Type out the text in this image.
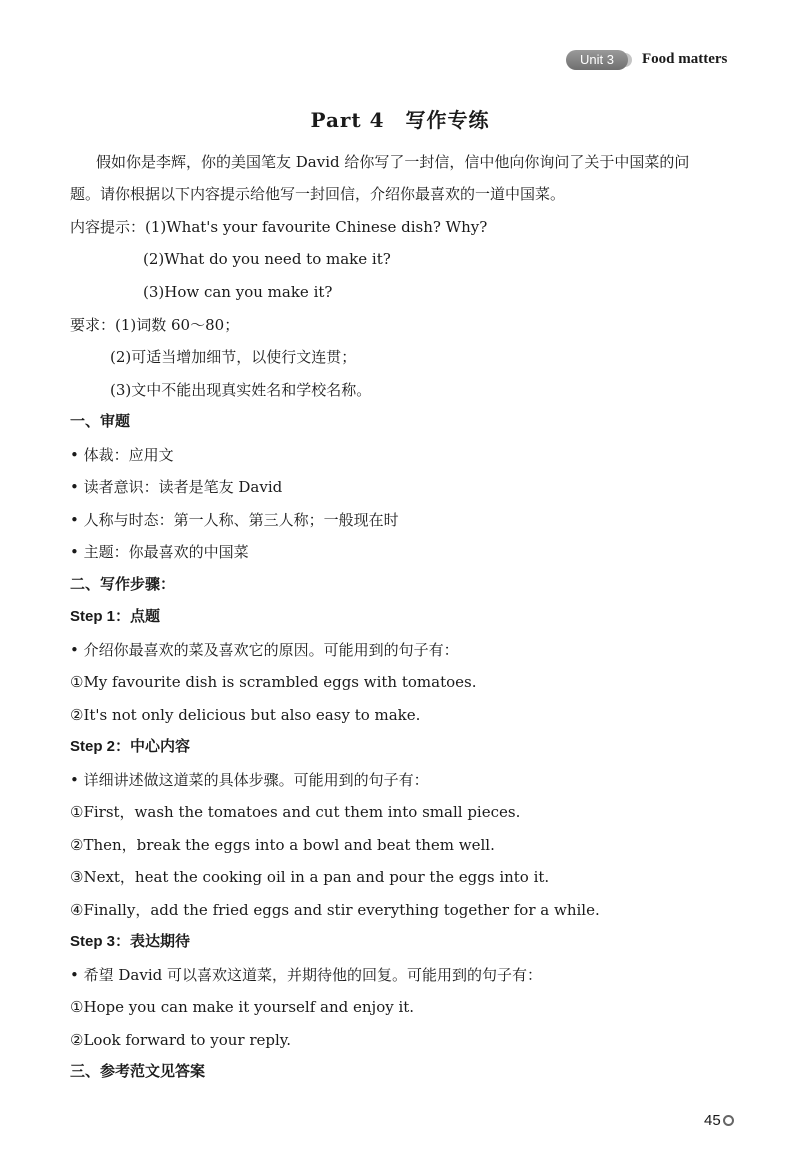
Unit 3	Food matters
Part 4　写作专练
假如你是李辉，你的美国笔友 David 给你写了一封信，信中他向你询问了关于中国菜的问
题。请你根据以下内容提示给他写一封回信，介绍你最喜欢的一道中国菜。
内容提示：(1)What's your favourite Chinese dish? Why?
(2)What do you need to make it?
(3)How can you make it?
要求：(1)词数 60～80；
(2)可适当增加细节，以使行文连贯；
(3)文中不能出现真实姓名和学校名称。
一、审题
• 体裁：应用文
• 读者意识：读者是笔友 David
• 人称与时态：第一人称、第三人称；一般现在时
• 主题：你最喜欢的中国菜
二、写作步骤：
Step 1：点题
• 介绍你最喜欢的菜及喜欢它的原因。可能用到的句子有：
①My favourite dish is scrambled eggs with tomatoes.
②It's not only delicious but also easy to make.
Step 2：中心内容
• 详细讲述做这道菜的具体步骤。可能用到的句子有：
①First，wash the tomatoes and cut them into small pieces.
②Then，break the eggs into a bowl and beat them well.
③Next，heat the cooking oil in a pan and pour the eggs into it.
④Finally，add the fried eggs and stir everything together for a while.
Step 3：表达期待
• 希望 David 可以喜欢这道菜，并期待他的回复。可能用到的句子有：
①Hope you can make it yourself and enjoy it.
②Look forward to your reply.
三、参考范文见答案
45
